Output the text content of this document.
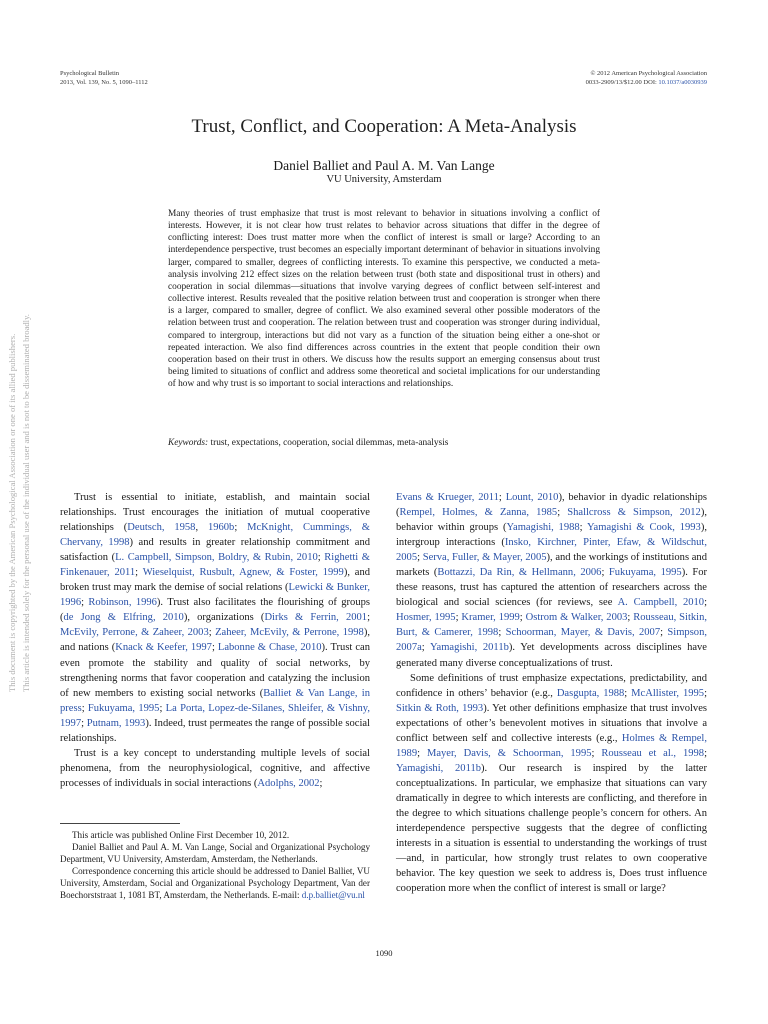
Psychological Bulletin
2013, Vol. 139, No. 5, 1090–1112
© 2012 American Psychological Association
0033-2909/13/$12.00 DOI: 10.1037/a0030939
Trust, Conflict, and Cooperation: A Meta-Analysis
Daniel Balliet and Paul A. M. Van Lange
VU University, Amsterdam
Many theories of trust emphasize that trust is most relevant to behavior in situations involving a conflict of interests. However, it is not clear how trust relates to behavior across situations that differ in the degree of conflicting interest: Does trust matter more when the conflict of interest is small or large? According to an interdependence perspective, trust becomes an especially important determinant of behavior in situations involving larger, compared to smaller, degrees of conflicting interests. To examine this perspective, we conducted a meta-analysis involving 212 effect sizes on the relation between trust (both state and dispositional trust in others) and cooperation in social dilemmas—situations that involve varying degrees of conflict between self-interest and collective interest. Results revealed that the positive relation between trust and cooperation is stronger when there is a larger, compared to smaller, degree of conflict. We also examined several other possible moderators of the relation between trust and cooperation. The relation between trust and cooperation was stronger during individual, compared to intergroup, interactions but did not vary as a function of the situation being either a one-shot or repeated interaction. We also find differences across countries in the extent that people condition their own cooperation based on their trust in others. We discuss how the results support an emerging consensus about trust being limited to situations of conflict and address some theoretical and societal implications for our understanding of how and why trust is so important to social interactions and relationships.
Keywords: trust, expectations, cooperation, social dilemmas, meta-analysis
This document is copyrighted by the American Psychological Association or one of its allied publishers. This article is intended solely for the personal use of the individual user and is not to be disseminated broadly.	Trust is essential to initiate, establish, and maintain social relationships. Trust encourages the initiation of mutual cooperative relationships (Deutsch, 1958, 1960b; McKnight, Cummings, & Chervany, 1998) and results in greater relationship commitment and satisfaction (L. Campbell, Simpson, Boldry, & Rubin, 2010; Righetti & Finkenauer, 2011; Wieselquist, Rusbult, Agnew, & Foster, 1999), and broken trust may mark the demise of social relations (Lewicki & Bunker, 1996; Robinson, 1996). Trust also facilitates the flourishing of groups (de Jong & Elfring, 2010), organizations (Dirks & Ferrin, 2001; McEvily, Perrone, & Zaheer, 2003; Zaheer, McEvily, & Perrone, 1998), and nations (Knack & Keefer, 1997; Labonne & Chase, 2010). Trust can even promote the stability and quality of social networks, by strengthening norms that favor cooperation and catalyzing the inclusion of new members to existing social networks (Balliet & Van Lange, in press; Fukuyama, 1995; La Porta, Lopez-de-Silanes, Shleifer, & Vishny, 1997; Putnam, 1993). Indeed, trust permeates the range of possible social relationships.

Trust is a key concept to understanding multiple levels of social phenomena, from the neurophysiological, cognitive, and affective processes of individuals in social interactions (Adolphs, 2002;

Evans & Krueger, 2011; Lount, 2010), behavior in dyadic relationships (Rempel, Holmes, & Zanna, 1985; Shallcross & Simpson, 2012), behavior within groups (Yamagishi, 1988; Yamagishi & Cook, 1993), intergroup interactions (Insko, Kirchner, Pinter, Efaw, & Wildschut, 2005; Serva, Fuller, & Mayer, 2005), and the workings of institutions and markets (Bottazzi, Da Rin, & Hellmann, 2006; Fukuyama, 1995). For these reasons, trust has captured the attention of researchers across the biological and social sciences (for reviews, see A. Campbell, 2010; Hosmer, 1995; Kramer, 1999; Ostrom & Walker, 2003; Rousseau, Sitkin, Burt, & Camerer, 1998; Schoorman, Mayer, & Davis, 2007; Simpson, 2007a; Yamagishi, 2011b). Yet developments across disciplines have generated many diverse conceptualizations of trust.

Some definitions of trust emphasize expectations, predictability, and confidence in others’ behavior (e.g., Dasgupta, 1988; McAllister, 1995; Sitkin & Roth, 1993). Yet other definitions emphasize that trust involves expectations of other’s benevolent motives in situations that involve a conflict between self and collective interests (e.g., Holmes & Rempel, 1989; Mayer, Davis, & Schoorman, 1995; Rousseau et al., 1998; Yamagishi, 2011b). Our research is inspired by the latter conceptualizations. In particular, we emphasize that situations can vary dramatically in degree to which interests are conflicting, and therefore in the degree to which situations challenge people’s concern for others. An interdependence perspective suggests that the degree of conflicting interests in a situation is essential to understanding the workings of trust—and, in particular, how strongly trust relates to own cooperative behavior. The key question we seek to address is, Does trust influence cooperation more when the conflict of interest is small or large?

This article was published Online First December 10, 2012.

Daniel Balliet and Paul A. M. Van Lange, Social and Organizational Psychology Department, VU University, Amsterdam, Amsterdam, the Netherlands.

Correspondence concerning this article should be addressed to Daniel Balliet, VU University, Amsterdam, Social and Organizational Psychology Department, Van der Boechorststraat 1, 1081 BT, Amsterdam, the Netherlands. E-mail: d.p.balliet@vu.nl

1090
